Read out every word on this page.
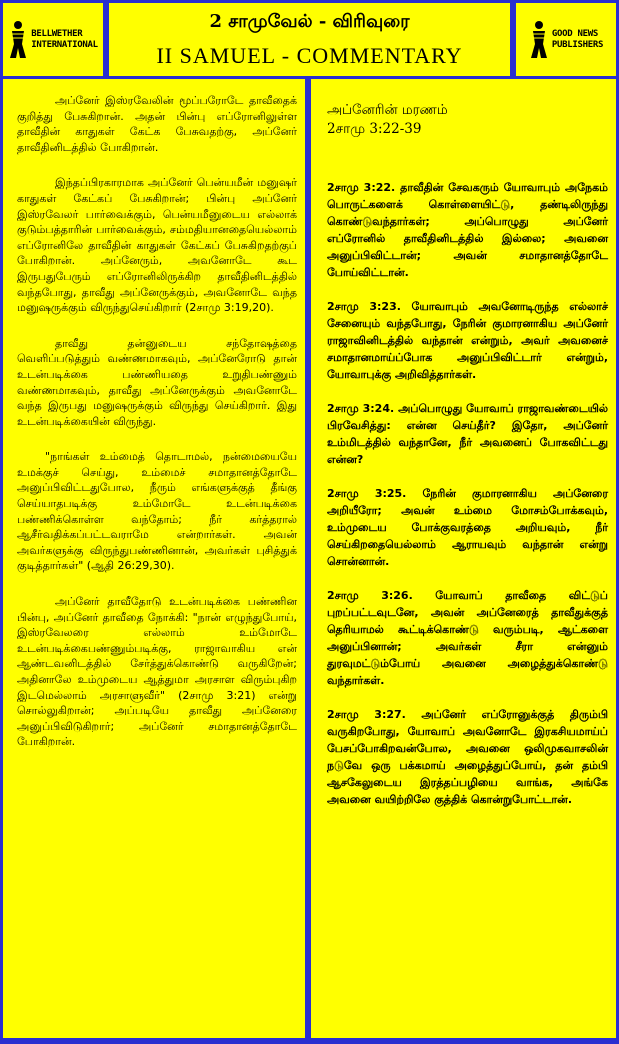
BELLWETHER
INTERNATIONAL
2 சாமுவேல் - விரிவுரை
II SAMUEL - COMMENTARY
GOOD NEWS
PUBLISHERS

அப்னேர் இஸ்ரவேலின் மூப்பரோடே தாவீதைக் குறித்து பேசுகிறான். அதன் பின்பு எப்ரோனிலுள்ள தாவீதின் காதுகள் கேட்க பேசுவதற்கு, அப்னேர் தாவீதினிடத்தில் போகிறான்.

இந்தப்பிரகாரமாக அப்னேர் பென்யமீன் மனுஷர் காதுகள் கேட்கப் பேசுகிறான்; பின்பு அப்னேர் இஸ்ரவேலர் பார்வைக்கும், பென்யமீனுடைய எல்லாக் குடும்பத்தாரின் பார்வைக்கும், சம்மதியானதையெல்லாம் எப்ரோனிலே தாவீதின் காதுகள் கேட்கப் பேசுகிறதற்குப் போகிறான். அப்னேரும், அவனோடே கூட இருபதுபேரும் எப்ரோனிலிருக்கிற தாவீதினிடத்தில் வந்தபோது, தாவீது அப்னேருக்கும், அவனோடே வந்த மனுஷருக்கும் விருந்துசெய்கிறார் (2சாமு 3:19,20).

தாவீது தன்னுடைய சந்தோஷத்தை வெளிப்படுத்தும் வண்ணமாகவும், அப்னேரோடு தான் உடன்படிக்கை பண்ணியதை உறுதிபண்ணும் வண்ணமாகவும், தாவீது அப்னேருக்கும் அவனோடே வந்த இருபது மனுஷருக்கும் விருந்து செய்கிறார். இது உடன்படிக்கையின் விருந்து.

"நாங்கள் உம்மைத் தொடாமல், நன்மையையே உமக்குச் செய்து, உம்மைச் சமாதானத்தோடே அனுப்பிவிட்டதுபோல, நீரும் எங்களுக்குத் தீங்கு செய்யாதபடிக்கு உம்மோடே உடன்படிக்கை பண்ணிக்கொள்ள வந்தோம்; நீர் கர்த்தரால் ஆசீர்வதிக்கப்பட்டவராமே என்றார்கள். அவன் அவர்களுக்கு விருந்துபண்ணினான், அவர்கள் புசித்துக் குடித்தார்கள்" (ஆதி 26:29,30).

அப்னேர் தாவீதோடு உடன்படிக்கை பண்ணின பின்பு, அப்னேர் தாவீதை நோக்கி: "நான் எழுந்துபோய், இஸ்ரவேலரை எல்லாம் உம்மோடே உடன்படிக்கைபண்ணும்படிக்கு, ராஜாவாகிய என் ஆண்டவனிடத்தில் சேர்த்துக்கொண்டு வருகிறேன்; அதினாலே உம்முடைய ஆத்துமா அரசாள விரும்புகிற இடமெல்லாம் அரசாளுவீர்" (2சாமு 3:21) என்று சொல்லுகிறான்; அப்படியே தாவீது அப்னேரை அனுப்பிவிடுகிறார்; அப்னேர் சமாதானத்தோடே போகிறான்.

அப்னேரின் மரணம்
2சாமு 3:22-39

2சாமு 3:22. தாவீதின் சேவகரும் யோவாபும் அநேகம் பொருட்களைக் கொள்ளையிட்டு, தண்டிலிருந்து கொண்டுவந்தார்கள்; அப்பொழுது அப்னேர் எப்ரோனில் தாவீதினிடத்தில் இல்லை; அவனை அனுப்பிவிட்டான்; அவன் சமாதானத்தோடே போய்விட்டான்.

2சாமு 3:23. யோவாபும் அவனோடிருந்த எல்லாச் சேனையும் வந்தபோது, நேரின் குமாரனாகிய அப்னேர் ராஜாவினிடத்தில் வந்தான் என்றும், அவர் அவனைச் சமாதானமாய்ப்போக அனுப்பிவிட்டார் என்றும், யோவாபுக்கு அறிவித்தார்கள்.

2சாமு 3:24. அப்பொழுது யோவாப் ராஜாவண்டையில் பிரவேசித்து: என்ன செய்தீர்? இதோ, அப்னேர் உம்மிடத்தில் வந்தானே, நீர் அவனைப் போகவிட்டது என்ன?

2சாமு 3:25. நேரின் குமாரனாகிய அப்னேரை அறியீரோ; அவன் உம்மை மோசம்போக்கவும், உம்முடைய போக்குவரத்தை அறியவும், நீர் செய்கிறதையெல்லாம் ஆராயவும் வந்தான் என்று சொன்னான்.

2சாமு 3:26. யோவாப் தாவீதை விட்டுப் புறப்பட்டவுடனே, அவன் அப்னேரைத் தாவீதுக்குத் தெரியாமல் கூட்டிக்கொண்டு வரும்படி, ஆட்களை அனுப்பினான்; அவர்கள் சீரா என்னும் துரவுமட்டும்போய் அவனை அழைத்துக்கொண்டு வந்தார்கள்.

2சாமு 3:27. அப்னேர் எப்ரோனுக்குத் திரும்பி வருகிறபோது, யோவாப் அவனோடே இரகசியமாய்ப் பேசப்போகிறவன்போல, அவனை ஒலிமுகவாசலின் நடுவே ஒரு பக்கமாய் அழைத்துப்போய், தன் தம்பி ஆசகேலுடைய இரத்தப்பழியை வாங்க, அங்கே அவனை வயிற்றிலே குத்திக் கொன்றுபோட்டான்.
